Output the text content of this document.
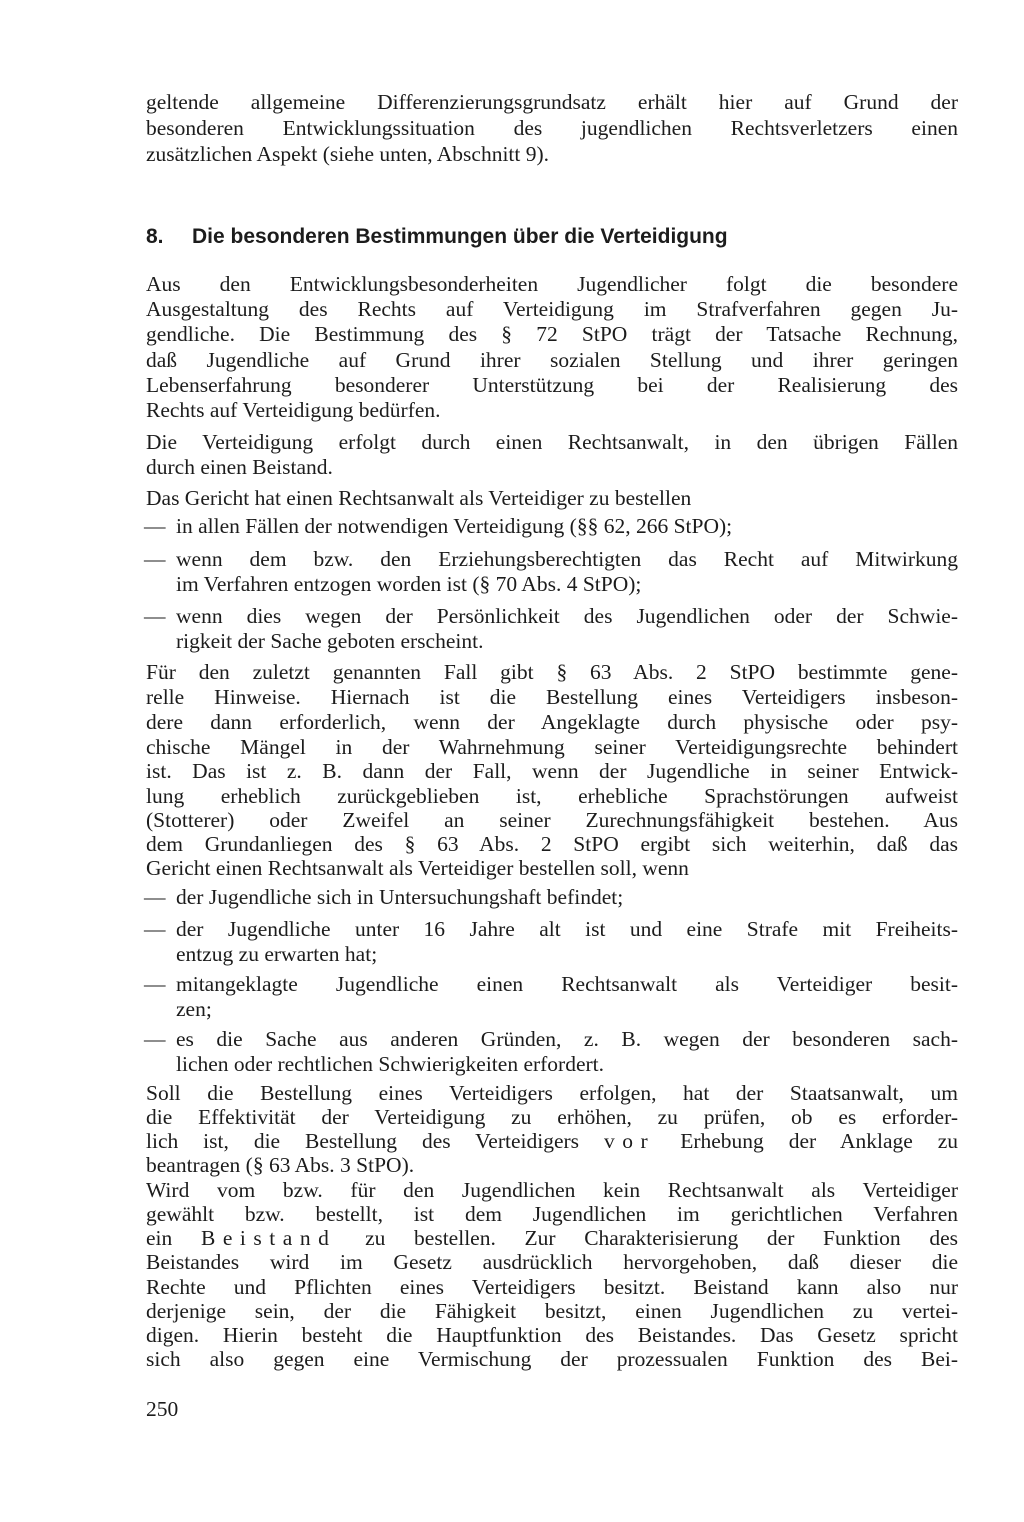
geltende allgemeine Differenzierungsgrundsatz erhält hier auf Grund der
besonderen Entwicklungssituation des jugendlichen Rechtsverletzers einen
zusätzlichen Aspekt (siehe unten, Abschnitt 9).
8. Die besonderen Bestimmungen über die Verteidigung
Aus den Entwicklungsbesonderheiten Jugendlicher folgt die besondere
Ausgestaltung des Rechts auf Verteidigung im Strafverfahren gegen Ju-
gendliche. Die Bestimmung des § 72 StPO trägt der Tatsache Rechnung,
daß Jugendliche auf Grund ihrer sozialen Stellung und ihrer geringen
Lebenserfahrung besonderer Unterstützung bei der Realisierung des
Rechts auf Verteidigung bedürfen.
Die Verteidigung erfolgt durch einen Rechtsanwalt, in den übrigen Fällen
durch einen Beistand.
Das Gericht hat einen Rechtsanwalt als Verteidiger zu bestellen
— in allen Fällen der notwendigen Verteidigung (§§ 62, 266 StPO);
— wenn dem bzw. den Erziehungsberechtigten das Recht auf Mitwirkung
im Verfahren entzogen worden ist (§ 70 Abs. 4 StPO);
— wenn dies wegen der Persönlichkeit des Jugendlichen oder der Schwie-
rigkeit der Sache geboten erscheint.
Für den zuletzt genannten Fall gibt § 63 Abs. 2 StPO bestimmte gene-
relle Hinweise. Hiernach ist die Bestellung eines Verteidigers insbeson-
dere dann erforderlich, wenn der Angeklagte durch physische oder psy-
chische Mängel in der Wahrnehmung seiner Verteidigungsrechte behindert
ist. Das ist z. B. dann der Fall, wenn der Jugendliche in seiner Entwick-
lung erheblich zurückgeblieben ist, erhebliche Sprachstörungen aufweist
(Stotterer) oder Zweifel an seiner Zurechnungsfähigkeit bestehen. Aus
dem Grundanliegen des § 63 Abs. 2 StPO ergibt sich weiterhin, daß das
Gericht einen Rechtsanwalt als Verteidiger bestellen soll, wenn
— der Jugendliche sich in Untersuchungshaft befindet;
— der Jugendliche unter 16 Jahre alt ist und eine Strafe mit Freiheits-
entzug zu erwarten hat;
— mitangeklagte Jugendliche einen Rechtsanwalt als Verteidiger besit-
zen;
— es die Sache aus anderen Gründen, z. B. wegen der besonderen sach-
lichen oder rechtlichen Schwierigkeiten erfordert.
Soll die Bestellung eines Verteidigers erfolgen, hat der Staatsanwalt, um
die Effektivität der Verteidigung zu erhöhen, zu prüfen, ob es erforder-
lich ist, die Bestellung des Verteidigers vor Erhebung der Anklage zu
beantragen (§ 63 Abs. 3 StPO).
Wird vom bzw. für den Jugendlichen kein Rechtsanwalt als Verteidiger
gewählt bzw. bestellt, ist dem Jugendlichen im gerichtlichen Verfahren
ein Beistand zu bestellen. Zur Charakterisierung der Funktion des
Beistandes wird im Gesetz ausdrücklich hervorgehoben, daß dieser die
Rechte und Pflichten eines Verteidigers besitzt. Beistand kann also nur
derjenige sein, der die Fähigkeit besitzt, einen Jugendlichen zu vertei-
digen. Hierin besteht die Hauptfunktion des Beistandes. Das Gesetz spricht
sich also gegen eine Vermischung der prozessualen Funktion des Bei-
250
